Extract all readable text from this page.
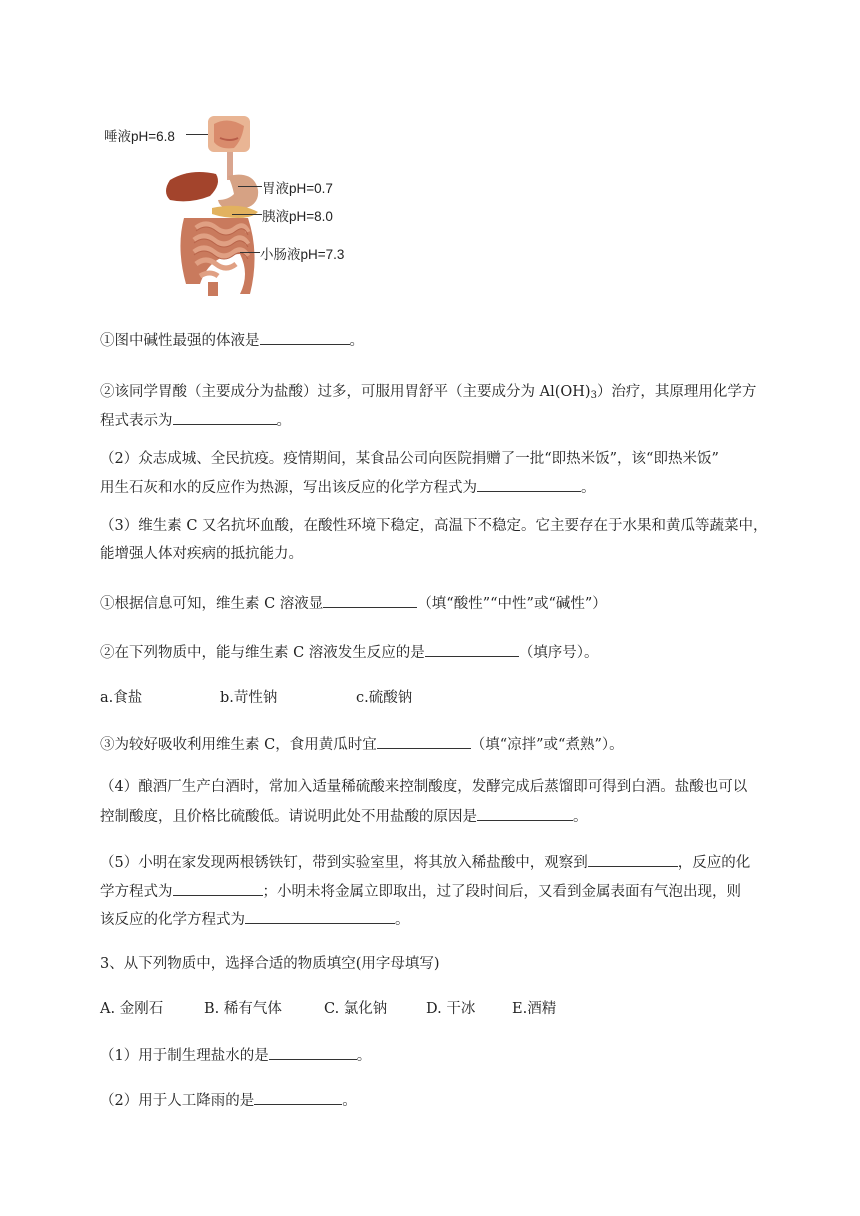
唾液pH=6.8
胃液pH=0.7
胰液pH=8.0
小肠液pH=7.3
①图中碱性最强的体液是	。
②该同学胃酸（主要成分为盐酸）过多，可服用胃舒平（主要成分为 $Al(OH)_3$）治疗，其原理用化学方
程式表示为	。
（2）众志成城、全民抗疫。疫情期间，某食品公司向医院捐赠了一批“即热米饭”，该“即热米饭”
用生石灰和水的反应作为热源，写出该反应的化学方程式为	。
（3）维生素 C 又名抗坏血酸，在酸性环境下稳定，高温下不稳定。它主要存在于水果和黄瓜等蔬菜中，
能增强人体对疾病的抵抗能力。
①根据信息可知，维生素 C 溶液显	（填“酸性”“中性”或“碱性”）
②在下列物质中，能与维生素 C 溶液发生反应的是	（填序号）。
a.食盐	b.苛性钠	c.硫酸钠
③为较好吸收利用维生素 C，食用黄瓜时宜	（填“凉拌”或“煮熟”）。
（4）酿酒厂生产白酒时，常加入适量稀硫酸来控制酸度，发酵完成后蒸馏即可得到白酒。盐酸也可以
控制酸度，且价格比硫酸低。请说明此处不用盐酸的原因是	。
（5）小明在家发现两根锈铁钉，带到实验室里，将其放入稀盐酸中，观察到	，反应的化
学方程式为	；小明未将金属立即取出，过了段时间后，又看到金属表面有气泡出现，则
该反应的化学方程式为	。
3、从下列物质中，选择合适的物质填空(用字母填写)
A. 金刚石	B. 稀有气体	C. 氯化钠	D. 干冰	E.酒精
（1）用于制生理盐水的是	。
（2）用于人工降雨的是	。
